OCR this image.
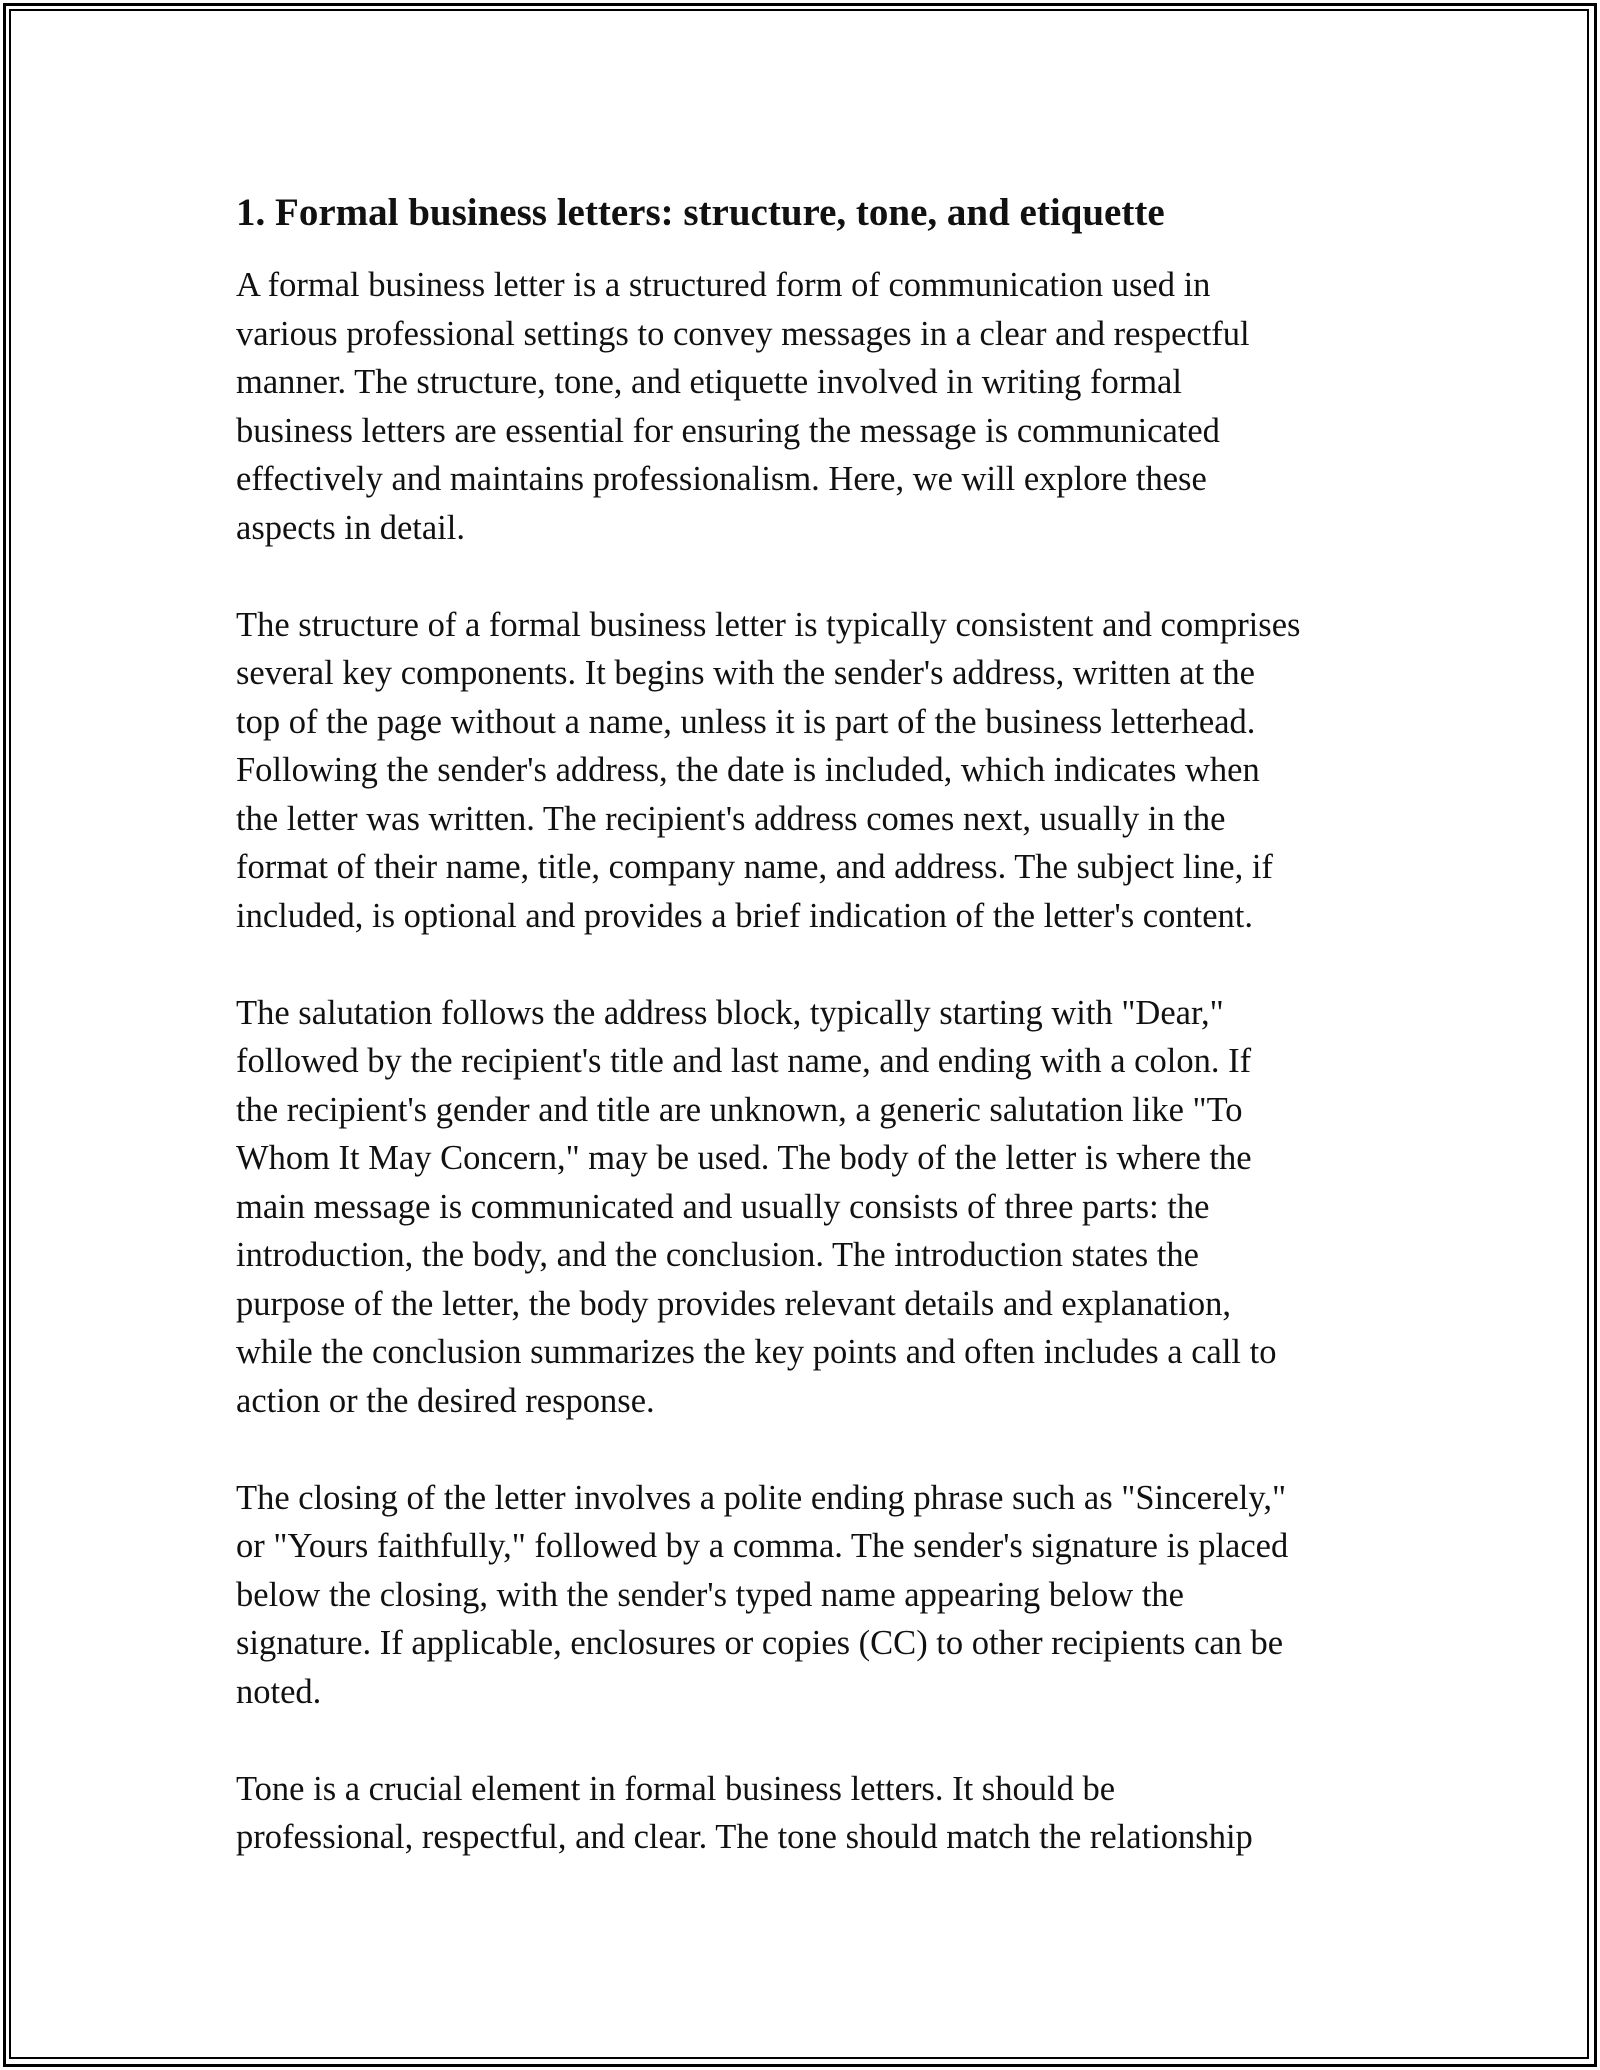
1. Formal business letters: structure, tone, and etiquette

A formal business letter is a structured form of communication used in
various professional settings to convey messages in a clear and respectful
manner. The structure, tone, and etiquette involved in writing formal
business letters are essential for ensuring the message is communicated
effectively and maintains professionalism. Here, we will explore these
aspects in detail.

The structure of a formal business letter is typically consistent and comprises
several key components. It begins with the sender's address, written at the
top of the page without a name, unless it is part of the business letterhead.
Following the sender's address, the date is included, which indicates when
the letter was written. The recipient's address comes next, usually in the
format of their name, title, company name, and address. The subject line, if
included, is optional and provides a brief indication of the letter's content.

The salutation follows the address block, typically starting with "Dear,"
followed by the recipient's title and last name, and ending with a colon. If
the recipient's gender and title are unknown, a generic salutation like "To
Whom It May Concern," may be used. The body of the letter is where the
main message is communicated and usually consists of three parts: the
introduction, the body, and the conclusion. The introduction states the
purpose of the letter, the body provides relevant details and explanation,
while the conclusion summarizes the key points and often includes a call to
action or the desired response.

The closing of the letter involves a polite ending phrase such as "Sincerely,"
or "Yours faithfully," followed by a comma. The sender's signature is placed
below the closing, with the sender's typed name appearing below the
signature. If applicable, enclosures or copies (CC) to other recipients can be
noted.

Tone is a crucial element in formal business letters. It should be
professional, respectful, and clear. The tone should match the relationship
